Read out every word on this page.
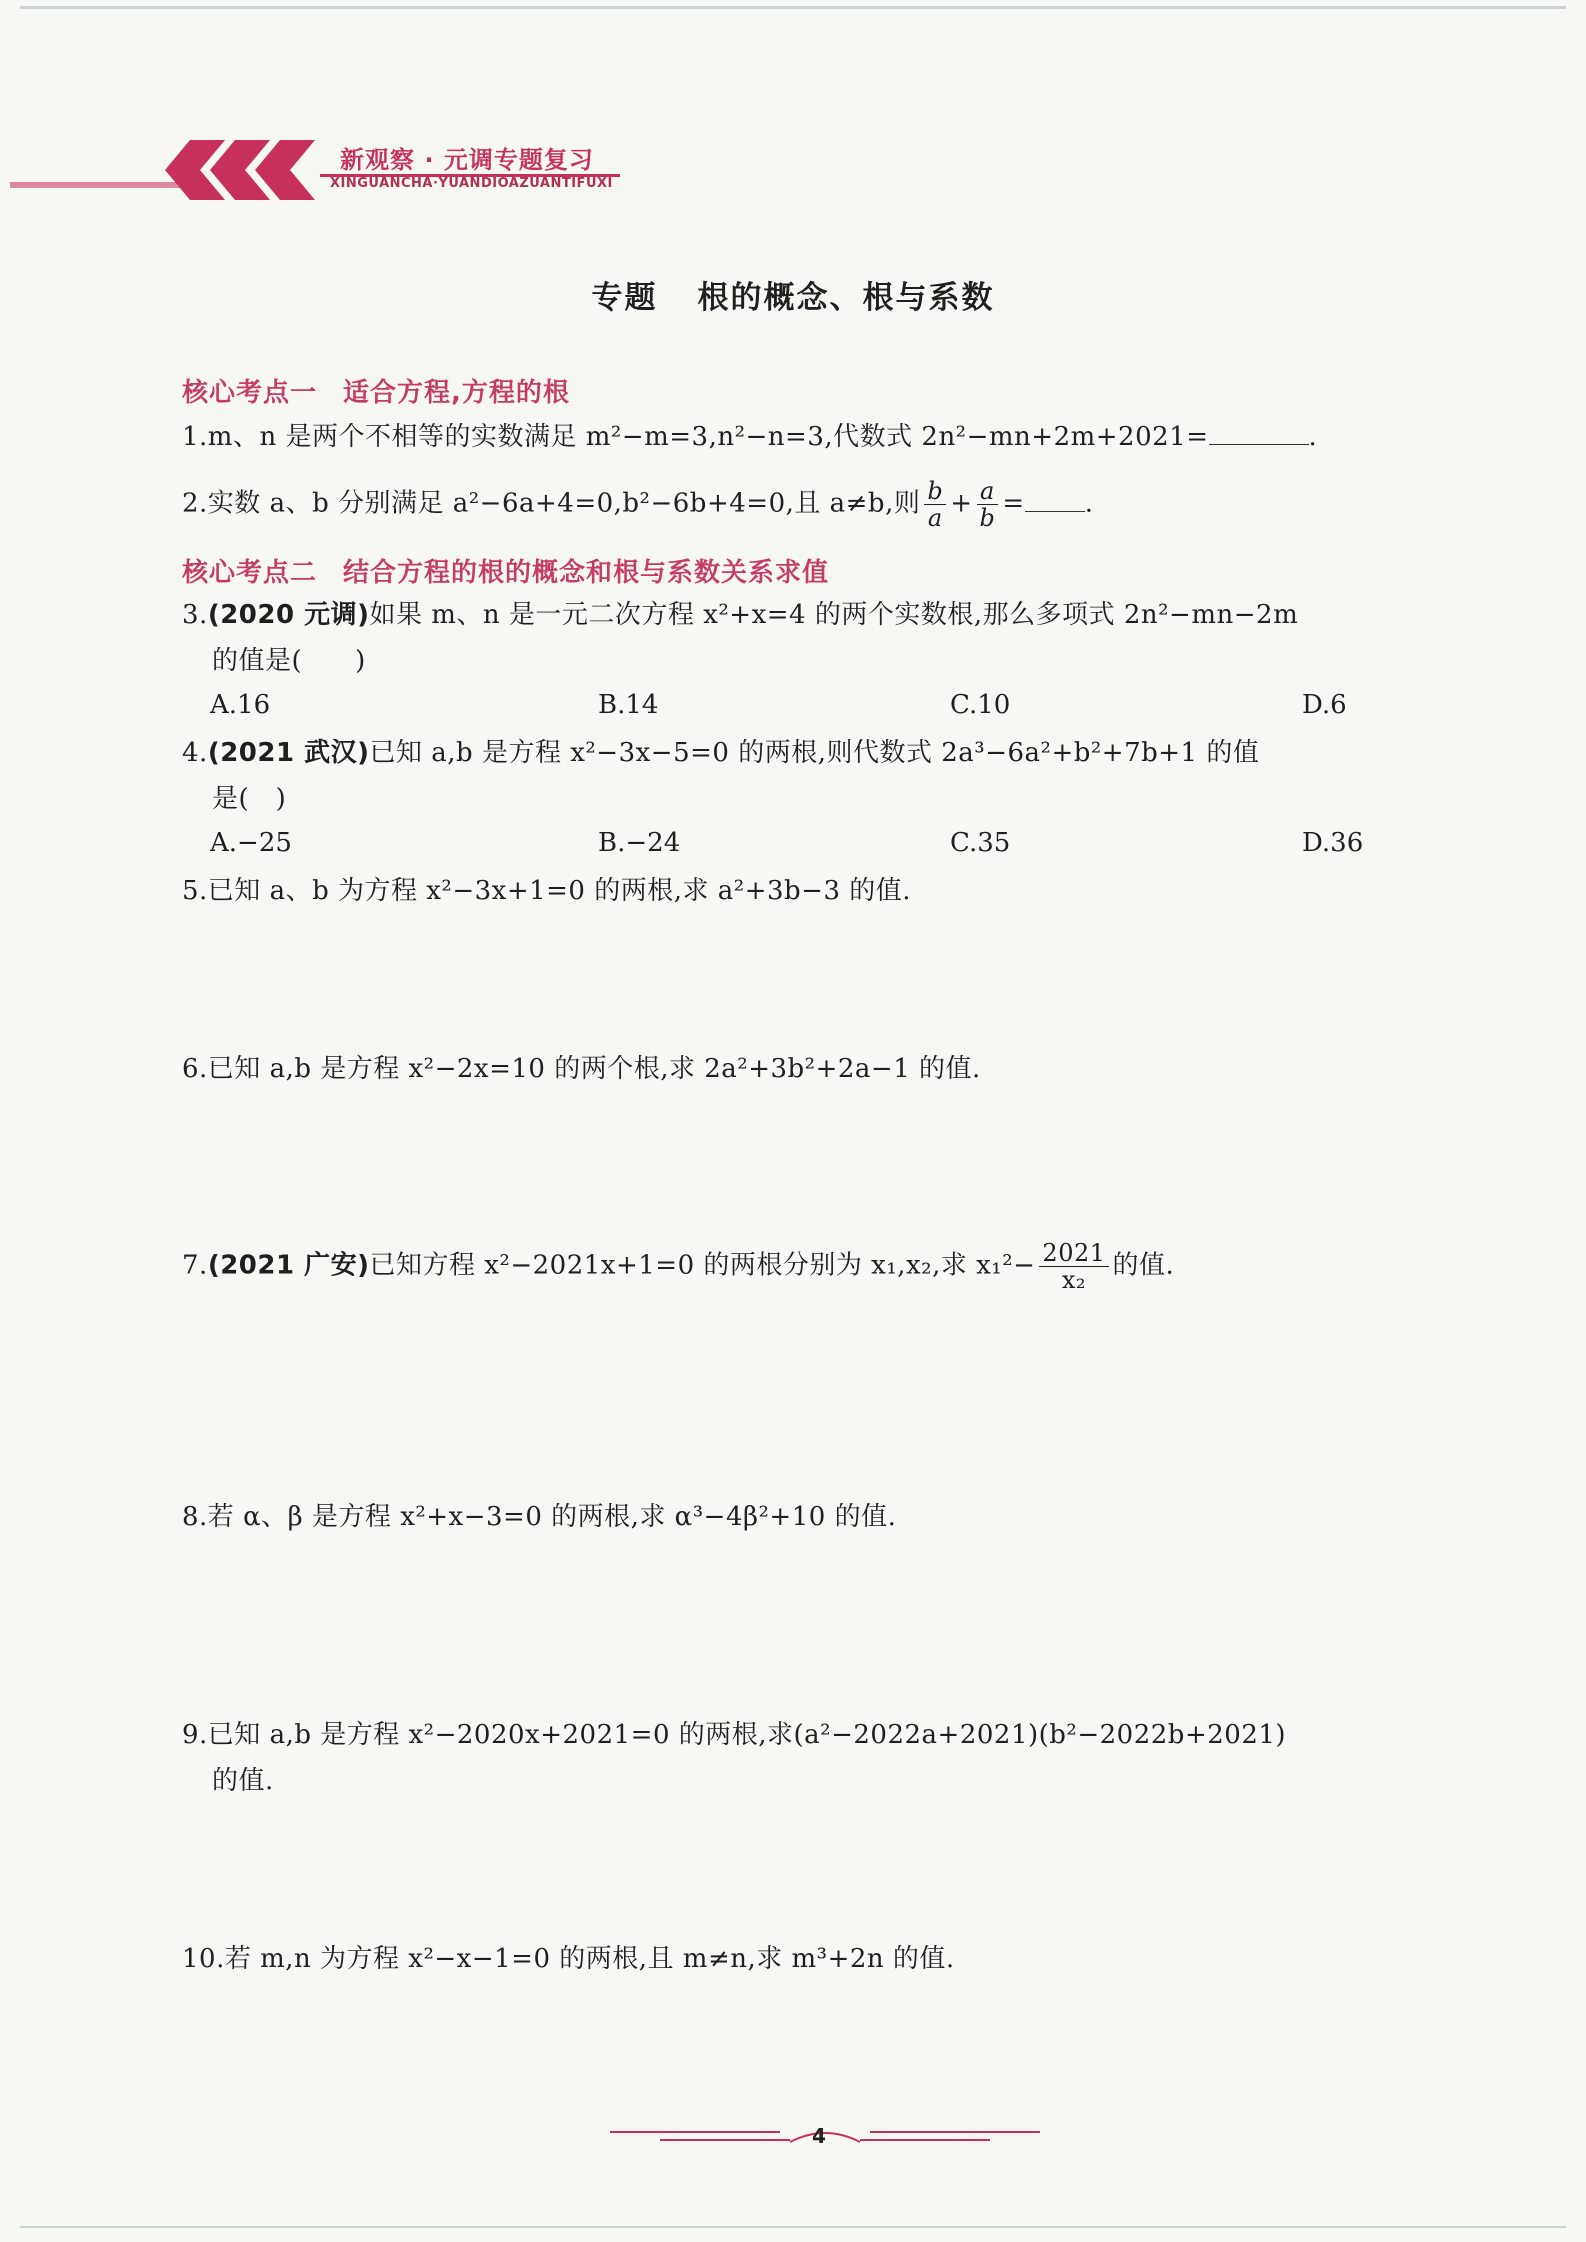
新观察 · 元调专题复习
XINGUANCHA·YUANDIOAZUANTIFUXI
专题 根的概念、根与系数
核心考点一 适合方程,方程的根
1.m、n 是两个不相等的实数满足 m²−m=3,n²−n=3,代数式 2n²−mn+2m+2021=	.
2.实数 a、b 分别满足 a²−6a+4=0,b²−6b+4=0,且 a≠b,则 $\frac{b}{a} + \frac{a}{b}$ = .
核心考点二 结合方程的根的概念和根与系数关系求值
3.(2020 元调)如果 m、n 是一元二次方程 x²+x=4 的两个实数根,那么多项式 2n²−mn−2m
的值是(　　)
A.16	B.14	C.10	D.6
4.(2021 武汉)已知 a,b 是方程 x²−3x−5=0 的两根,则代数式 2a³−6a²+b²+7b+1 的值
是(　)
A.−25	B.−24	C.35	D.36
5.已知 a、b 为方程 x²−3x+1=0 的两根,求 a²+3b−3 的值.
6.已知 a,b 是方程 x²−2x=10 的两个根,求 2a²+3b²+2a−1 的值.
7.(2021 广安)已知方程 x²−2021x+1=0 的两根分别为 x₁,x₂,求 $x_1^2- \frac{2021}{\text{x₂}}$ 的值.
8.若 α、β 是方程 x²+x−3=0 的两根,求 α³−4β²+10 的值.
9.已知 a,b 是方程 x²−2020x+2021=0 的两根,求(a²−2022a+2021)(b²−2022b+2021)
的值.
10.若 m,n 为方程 x²−x−1=0 的两根,且 m≠n,求 m³+2n 的值.
4
